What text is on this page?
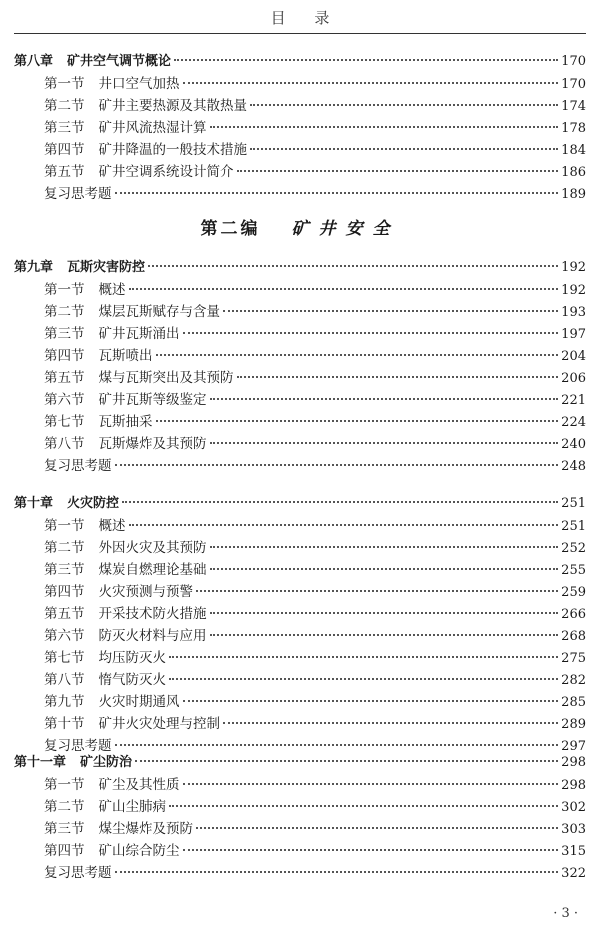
目 录
第二编 矿井安全
第八章 矿井空气调节概论	170
第一节 井口空气加热	170
第二节 矿井主要热源及其散热量	174
第三节 矿井风流热湿计算	178
第四节 矿井降温的一般技术措施	184
第五节 矿井空调系统设计简介	186
复习思考题	189
第九章 瓦斯灾害防控	192
第一节 概述	192
第二节 煤层瓦斯赋存与含量	193
第三节 矿井瓦斯涌出	197
第四节 瓦斯喷出	204
第五节 煤与瓦斯突出及其预防	206
第六节 矿井瓦斯等级鉴定	221
第七节 瓦斯抽采	224
第八节 瓦斯爆炸及其预防	240
复习思考题	248
第十章 火灾防控	251
第一节 概述	251
第二节 外因火灾及其预防	252
第三节 煤炭自燃理论基础	255
第四节 火灾预测与预警	259
第五节 开采技术防火措施	266
第六节 防灭火材料与应用	268
第七节 均压防灭火	275
第八节 惰气防灭火	282
第九节 火灾时期通风	285
第十节 矿井火灾处理与控制	289
复习思考题	297
第十一章 矿尘防治	298
第一节 矿尘及其性质	298
第二节 矿山尘肺病	302
第三节 煤尘爆炸及预防	303
第四节 矿山综合防尘	315
复习思考题	322
· 3 ·
